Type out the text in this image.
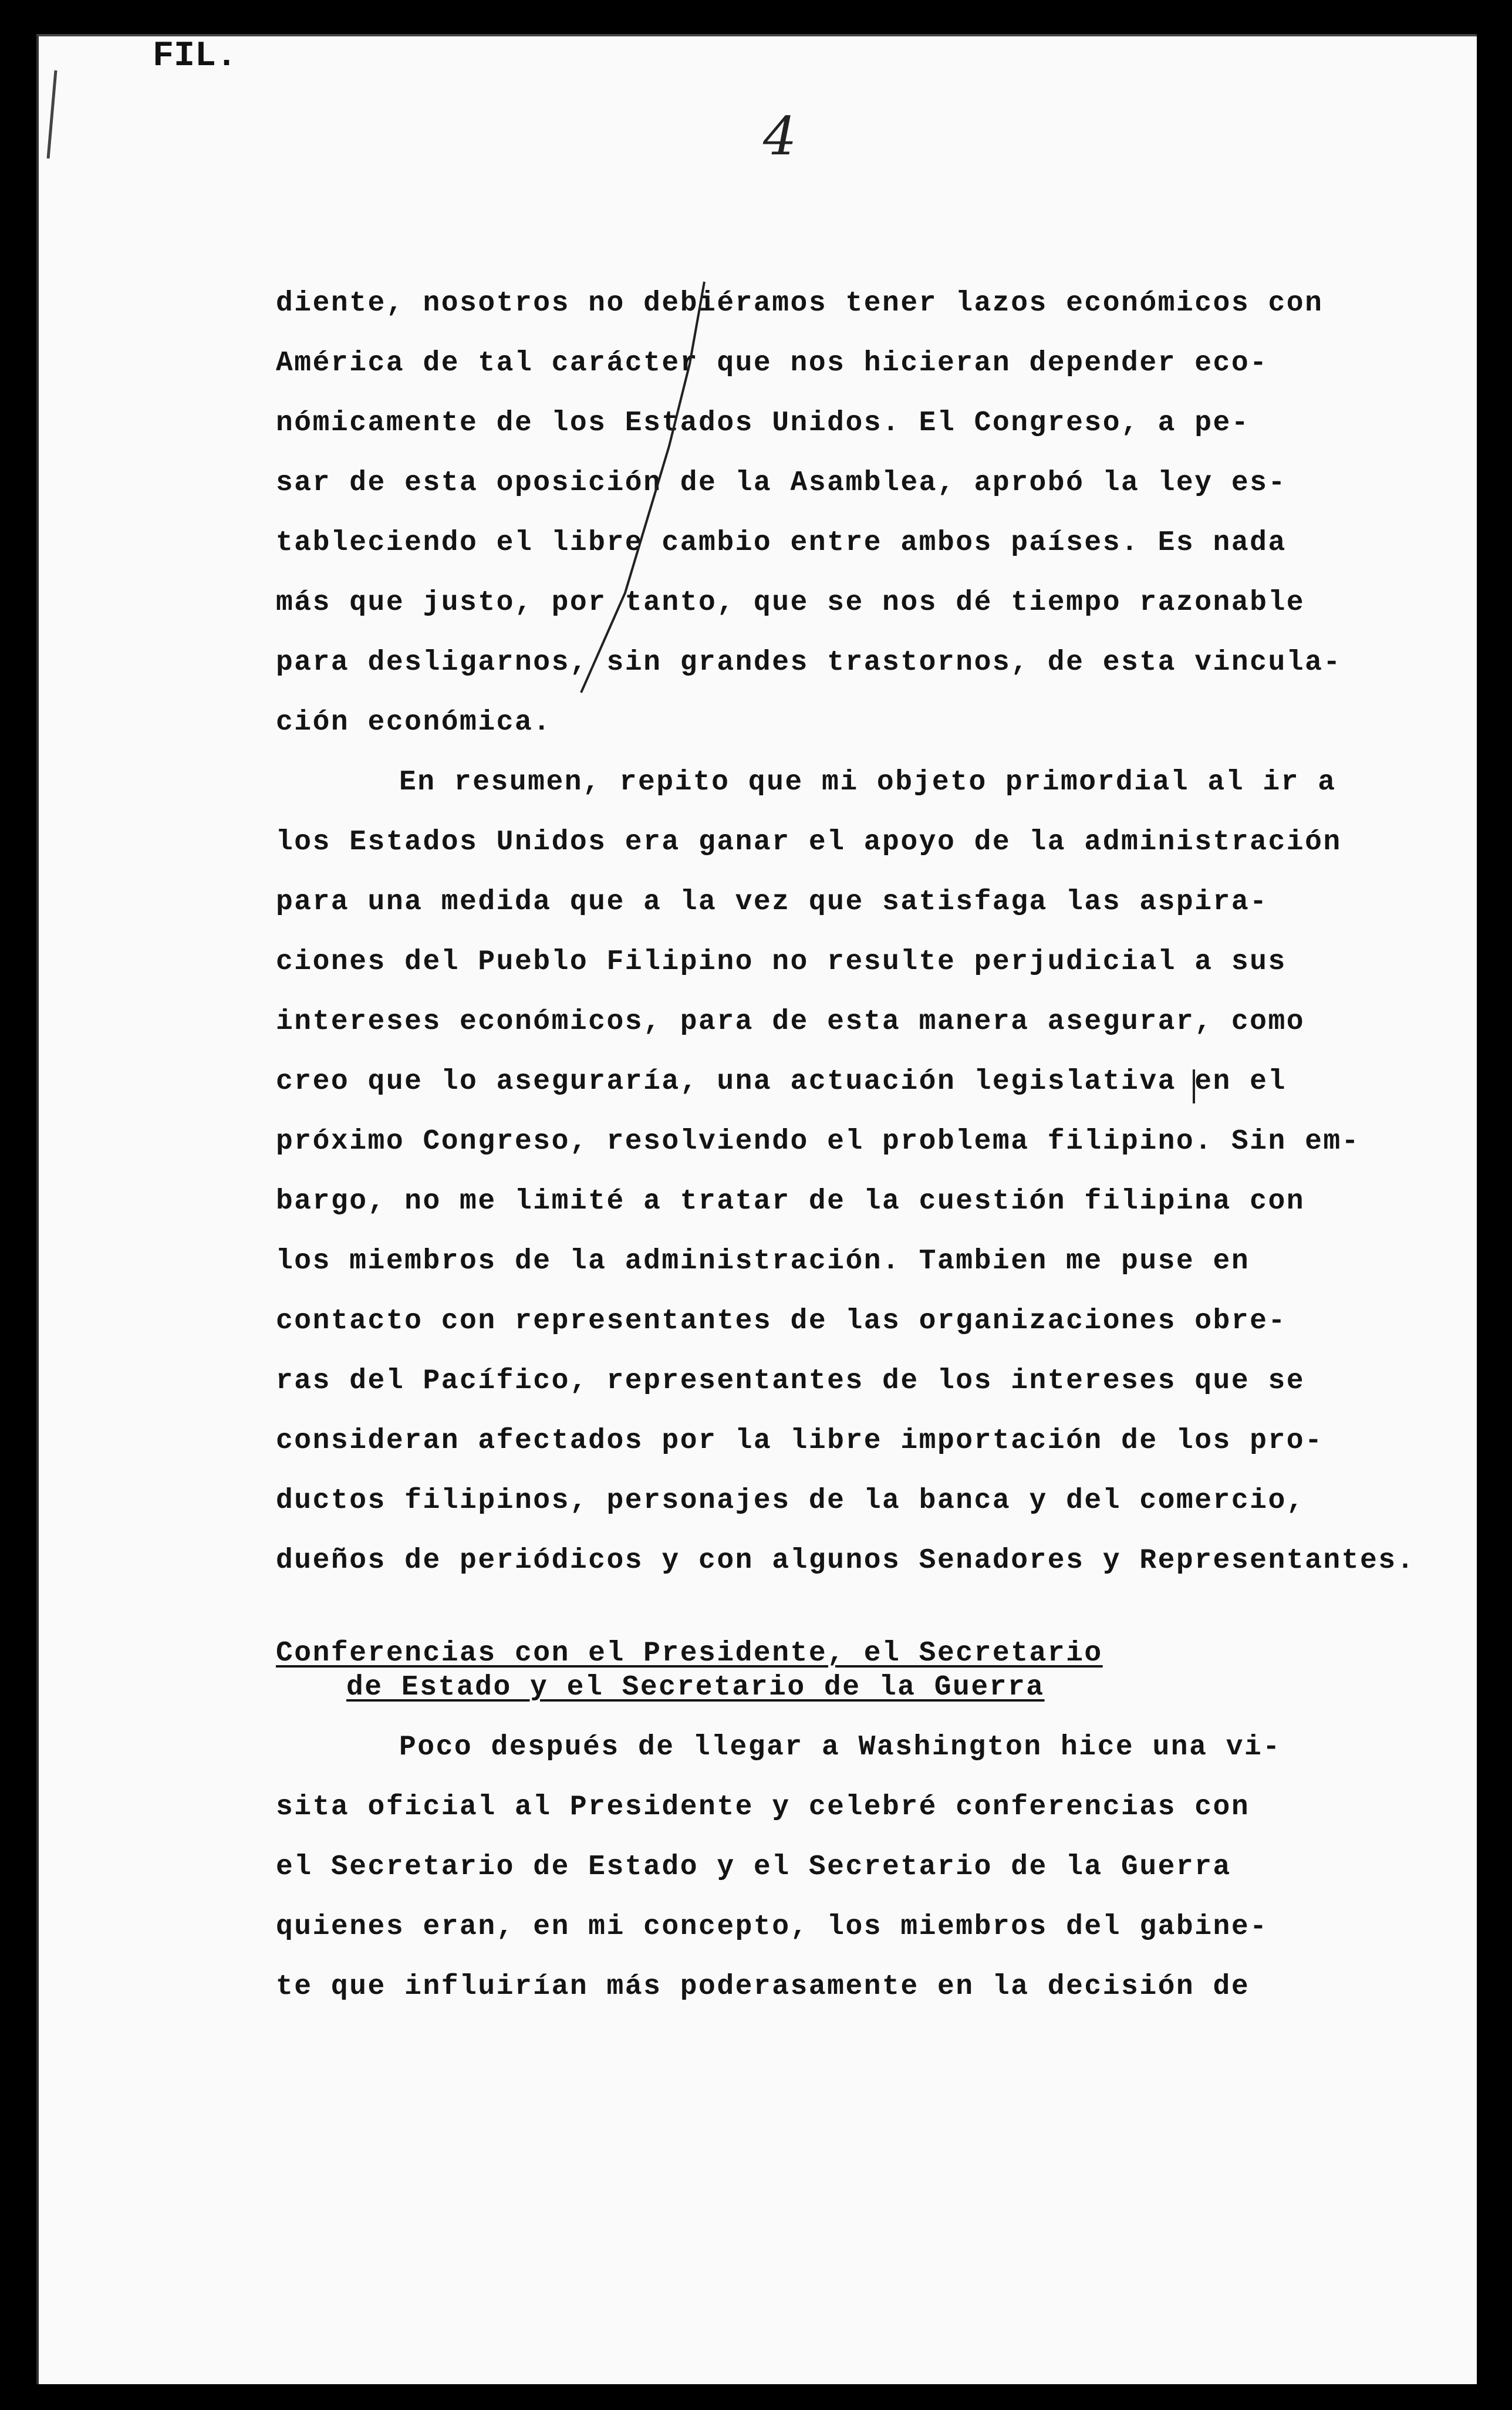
FIL.
4
diente, nosotros no debiéramos tener lazos económicos con
América de tal carácter que nos hicieran depender eco-
nómicamente de los Estados Unidos. El Congreso, a pe-
sar de esta oposición de la Asamblea, aprobó la ley es-
tableciendo el libre cambio entre ambos países. Es nada
más que justo, por tanto, que se nos dé tiempo razonable
para desligarnos, sin grandes trastornos, de esta vincula-
ción económica.
En resumen, repito que mi objeto primordial al ir a
los Estados Unidos era ganar el apoyo de la administración
para una medida que a la vez que satisfaga las aspira-
ciones del Pueblo Filipino no resulte perjudicial a sus
intereses económicos, para de esta manera asegurar, como
creo que lo aseguraría, una actuación legislativa en el
próximo Congreso, resolviendo el problema filipino. Sin em-
bargo, no me limité a tratar de la cuestión filipina con
los miembros de la administración. Tambien me puse en
contacto con representantes de las organizaciones obre-
ras del Pacífico, representantes de los intereses que se
consideran afectados por la libre importación de los pro-
ductos filipinos, personajes de la banca y del comercio,
dueños de periódicos y con algunos Senadores y Representantes.
Conferencias con el Presidente, el Secretario
de Estado y el Secretario de la Guerra
Poco después de llegar a Washington hice una vi-
sita oficial al Presidente y celebré conferencias con
el Secretario de Estado y el Secretario de la Guerra
quienes eran, en mi concepto, los miembros del gabine-
te que influirían más poderasamente en la decisión de
